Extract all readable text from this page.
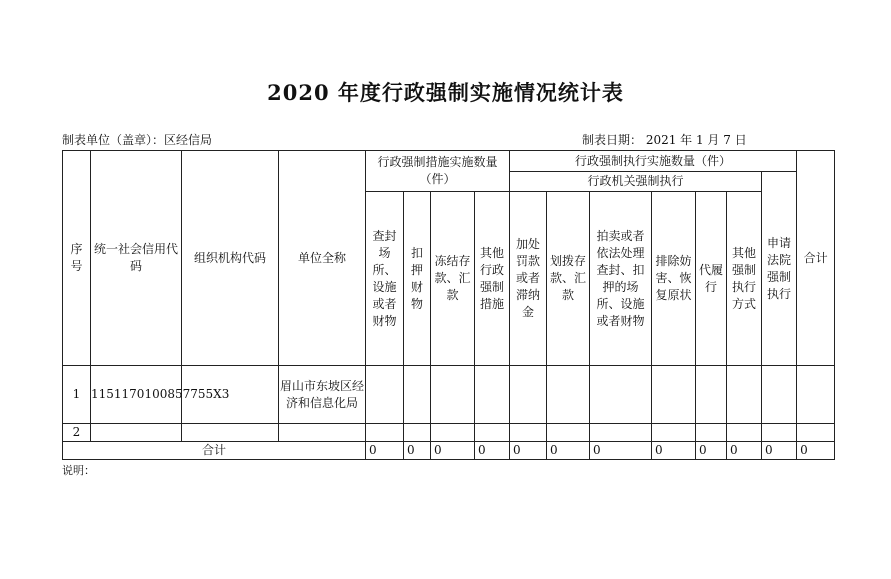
2020 年度行政强制实施情况统计表
制表单位（盖章）：区经信局	制表日期： 2021 年 1 月 7 日
序号	统一社会信用代码	组织机构代码	单位全称	行政强制措施实施数量（件）				行政强制执行实施数量（件）							合计
								行政机关强制执行						申请法院强制执行	
				查封场所、设施或者财物	扣押财物	冻结存款、汇款	其他行政强制措施	加处罚款或者滞纳金	划拨存款、汇款	拍卖或者依法处理查封、扣押的场所、设施或者财物	排除妨害、恢复原状	代履行	其他强制执行方式		
1	1151170100857755X3		眉山市东坡区经济和信息化局												
2															
合计				0	0	0	0	0	0	0	0	0	0	0	0
说明：
